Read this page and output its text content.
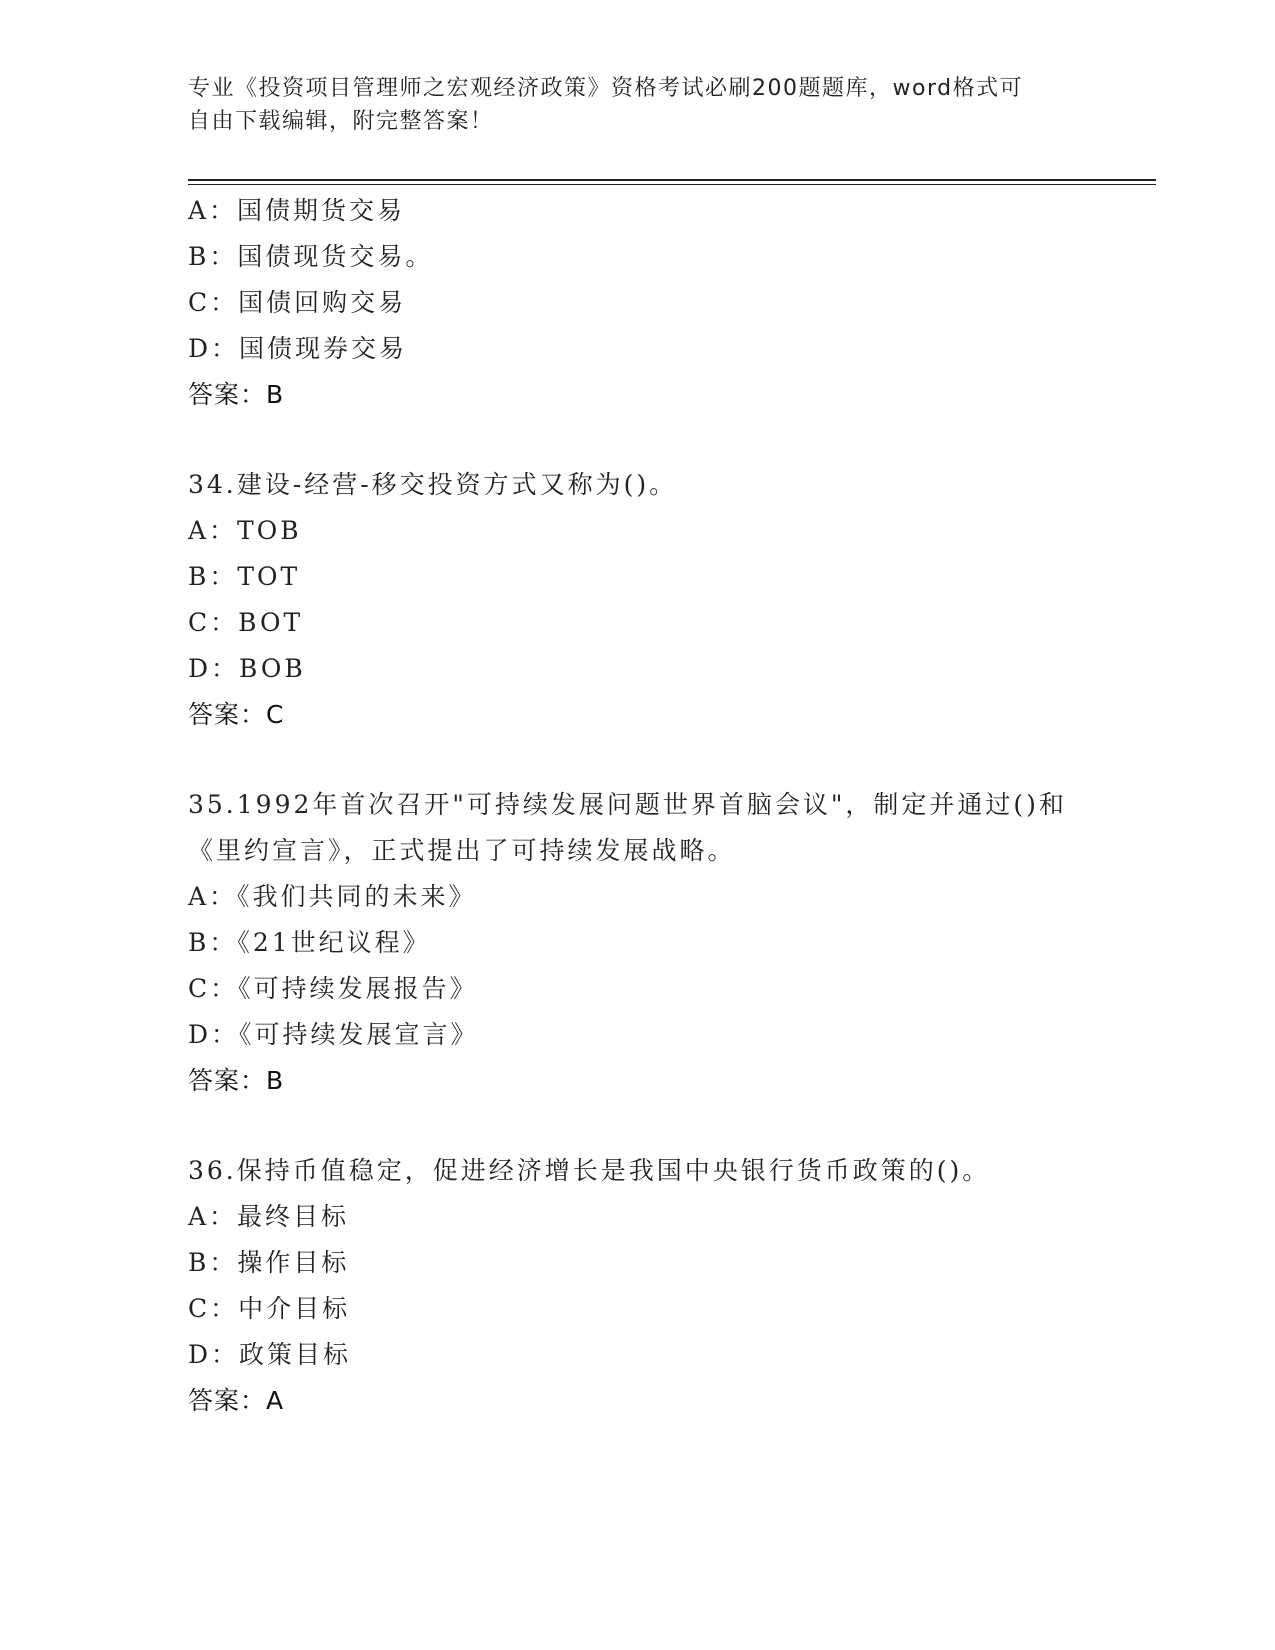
专业《投资项目管理师之宏观经济政策》资格考试必刷200题题库，word格式可
自由下载编辑，附完整答案！
A：国债期货交易
B：国债现货交易。
C：国债回购交易
D：国债现券交易
答案：B
34.建设-经营-移交投资方式又称为()。
A：TOB
B：TOT
C：BOT
D：BOB
答案：C
35.1992年首次召开"可持续发展问题世界首脑会议"，制定并通过()和
《里约宣言》，正式提出了可持续发展战略。
A：《我们共同的未来》
B：《21世纪议程》
C：《可持续发展报告》
D：《可持续发展宣言》
答案：B
36.保持币值稳定，促进经济增长是我国中央银行货币政策的()。
A：最终目标
B：操作目标
C：中介目标
D：政策目标
答案：A
